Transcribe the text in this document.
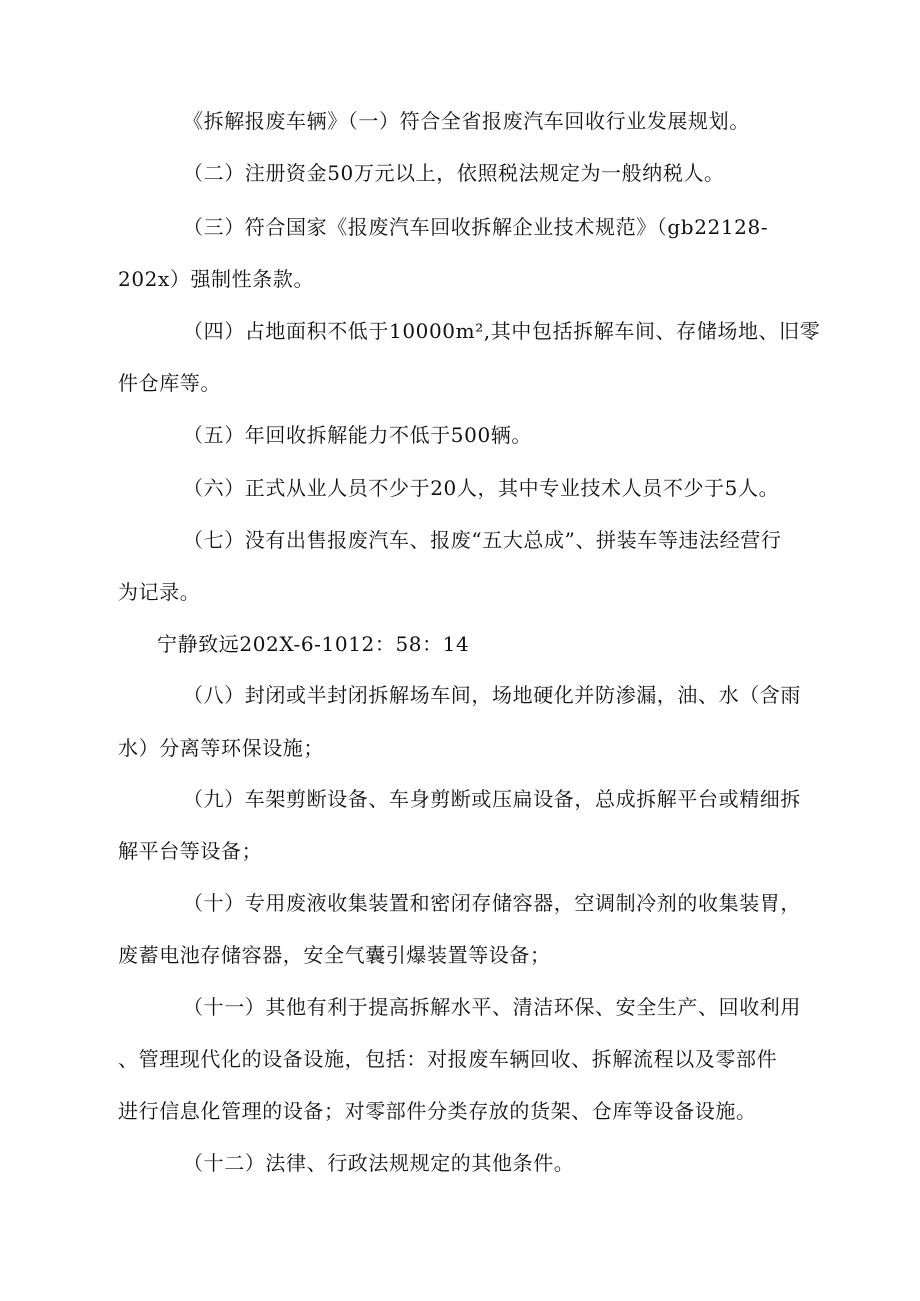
《拆解报废车辆》（一）符合全省报废汽车回收行业发展规划。
（二）注册资金50万元以上，依照税法规定为一般纳税人。
（三）符合国家《报废汽车回收拆解企业技术规范》（gb22128-
202x）强制性条款。
（四）占地面积不低于10000m²,其中包括拆解车间、存储场地、旧零
件仓库等。
（五）年回收拆解能力不低于500辆。
（六）正式从业人员不少于20人，其中专业技术人员不少于5人。
（七）没有出售报废汽车、报废“五大总成”、拼装车等违法经营行
为记录。
宁静致远202X-6-1012：58：14
（八）封闭或半封闭拆解场车间，场地硬化并防渗漏，油、水（含雨
水）分离等环保设施；
（九）车架剪断设备、车身剪断或压扁设备，总成拆解平台或精细拆
解平台等设备；
（十）专用废液收集装置和密闭存储容器，空调制冷剂的收集装胃，
废蓄电池存储容器，安全气囊引爆装置等设备；
（十一）其他有利于提高拆解水平、清洁环保、安全生产、回收利用
、管理现代化的设备设施，包括：对报废车辆回收、拆解流程以及零部件
进行信息化管理的设备；对零部件分类存放的货架、仓库等设备设施。
（十二）法律、行政法规规定的其他条件。
